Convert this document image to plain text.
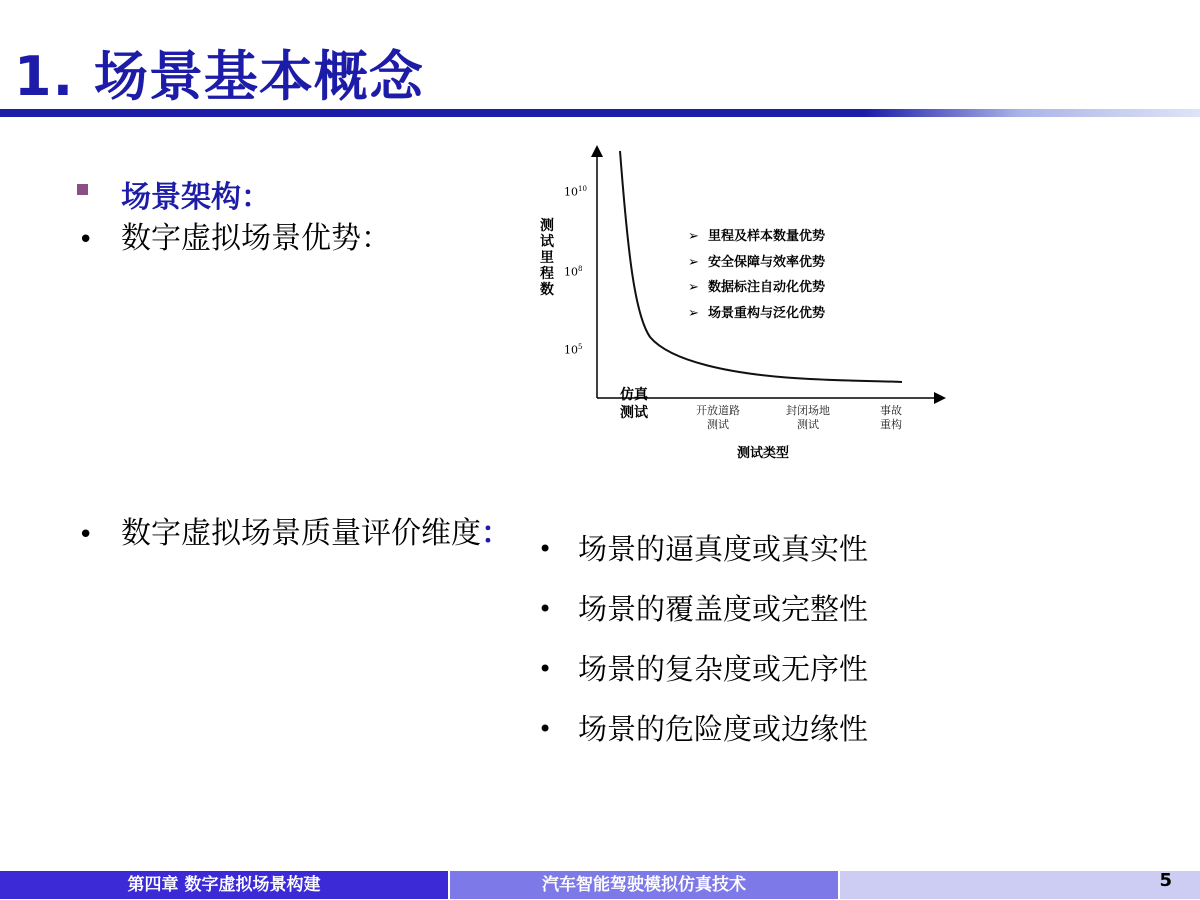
1. 场景基本概念
场景架构：
• 数字虚拟场景优势：	测试里程数
$10^{10}$
$10^8$
$10^5$
➢ 里程及样本数量优势
➢ 安全保障与效率优势
➢ 数据标注自动化优势
➢ 场景重构与泛化优势
仿真
测试	开放道路
测试
封闭场地
测试
事故
重构
测试类型
• 数字虚拟场景质量评价维度： • 场景的逼真度或真实性
• 场景的覆盖度或完整性
• 场景的复杂度或无序性
• 场景的危险度或边缘性
第四章 数字虚拟场景构建	汽车智能驾驶模拟仿真技术	5
